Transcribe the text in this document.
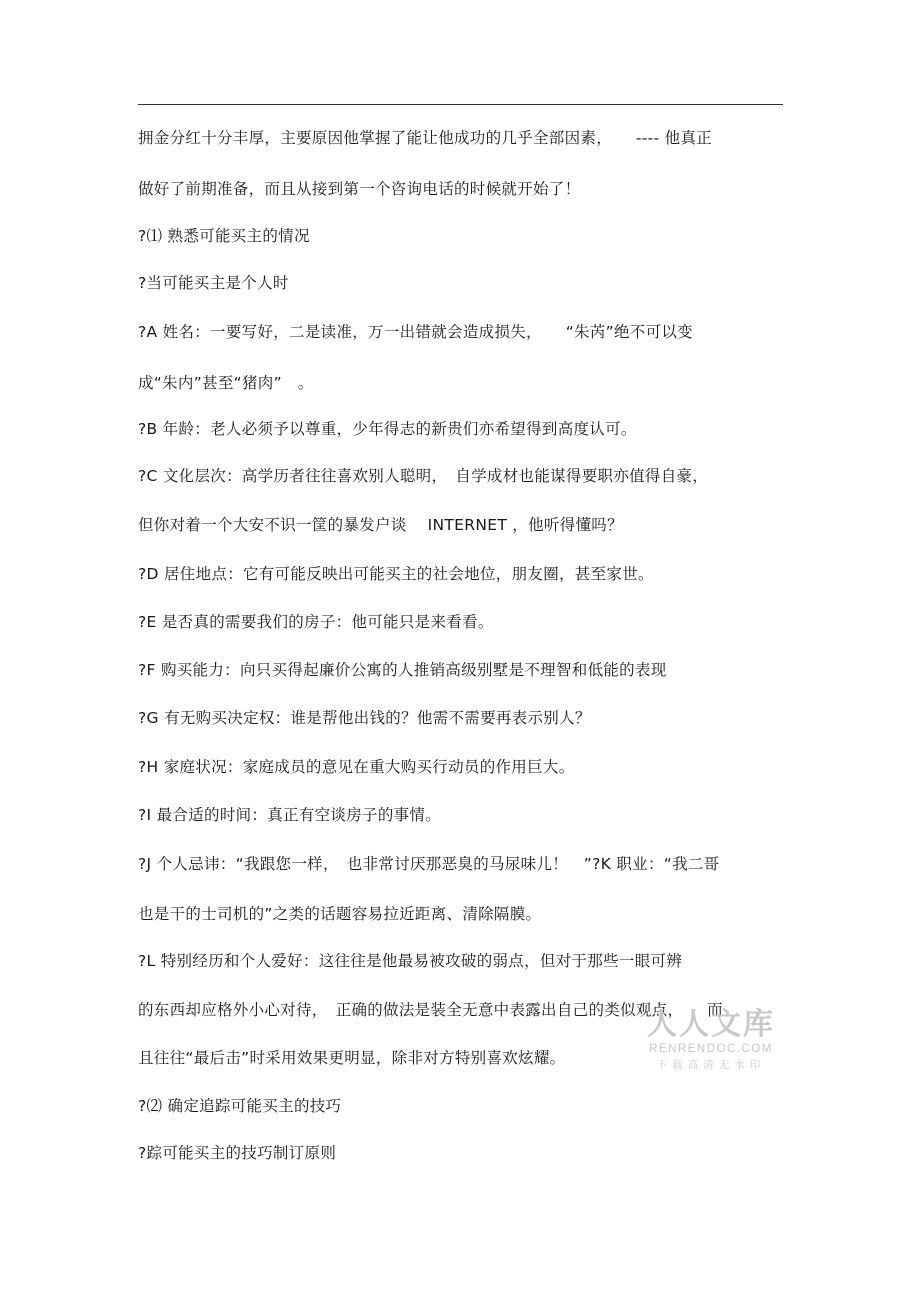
拥金分红十分丰厚，主要原因他掌握了能让他成功的几乎全部因素，　　---- 他真正
做好了前期准备，而且从接到第一个咨询电话的时候就开始了！
?⑴ 熟悉可能买主的情况
?当可能买主是个人时
?A 姓名：一要写好，二是读准，万一出错就会造成损失，　　“朱芮”绝不可以变
成“朱内”甚至“猪肉”　。
?B 年龄：老人必须予以尊重，少年得志的新贵们亦希望得到高度认可。
?C 文化层次：高学历者往往喜欢别人聪明，　自学成材也能谋得要职亦值得自豪，
但你对着一个大安不识一筐的暴发户谈　 INTERNET ，他听得懂吗？
?D 居住地点：它有可能反映出可能买主的社会地位，朋友圈，甚至家世。
?E 是否真的需要我们的房子：他可能只是来看看。
?F 购买能力：向只买得起廉价公寓的人推销高级别墅是不理智和低能的表现
?G 有无购买决定权：谁是帮他出钱的？他需不需要再表示别人？
?H 家庭状况：家庭成员的意见在重大购买行动员的作用巨大。
?I 最合适的时间：真正有空谈房子的事情。
?J 个人忌讳：“我跟您一样，　也非常讨厌那恶臭的马尿味儿！　”?K 职业：“我二哥
也是干的士司机的”之类的话题容易拉近距离、清除隔膜。
?L 特别经历和个人爱好：这往往是他最易被攻破的弱点，但对于那些一眼可辨
的东西却应格外小心对待，　正确的做法是装全无意中表露出自己的类似观点，　　而
且往往“最后击”时采用效果更明显，除非对方特别喜欢炫耀。
?⑵ 确定追踪可能买主的技巧
?踪可能买主的技巧制订原则
人人文库
RENRENDOC.COM
下载高清无水印
